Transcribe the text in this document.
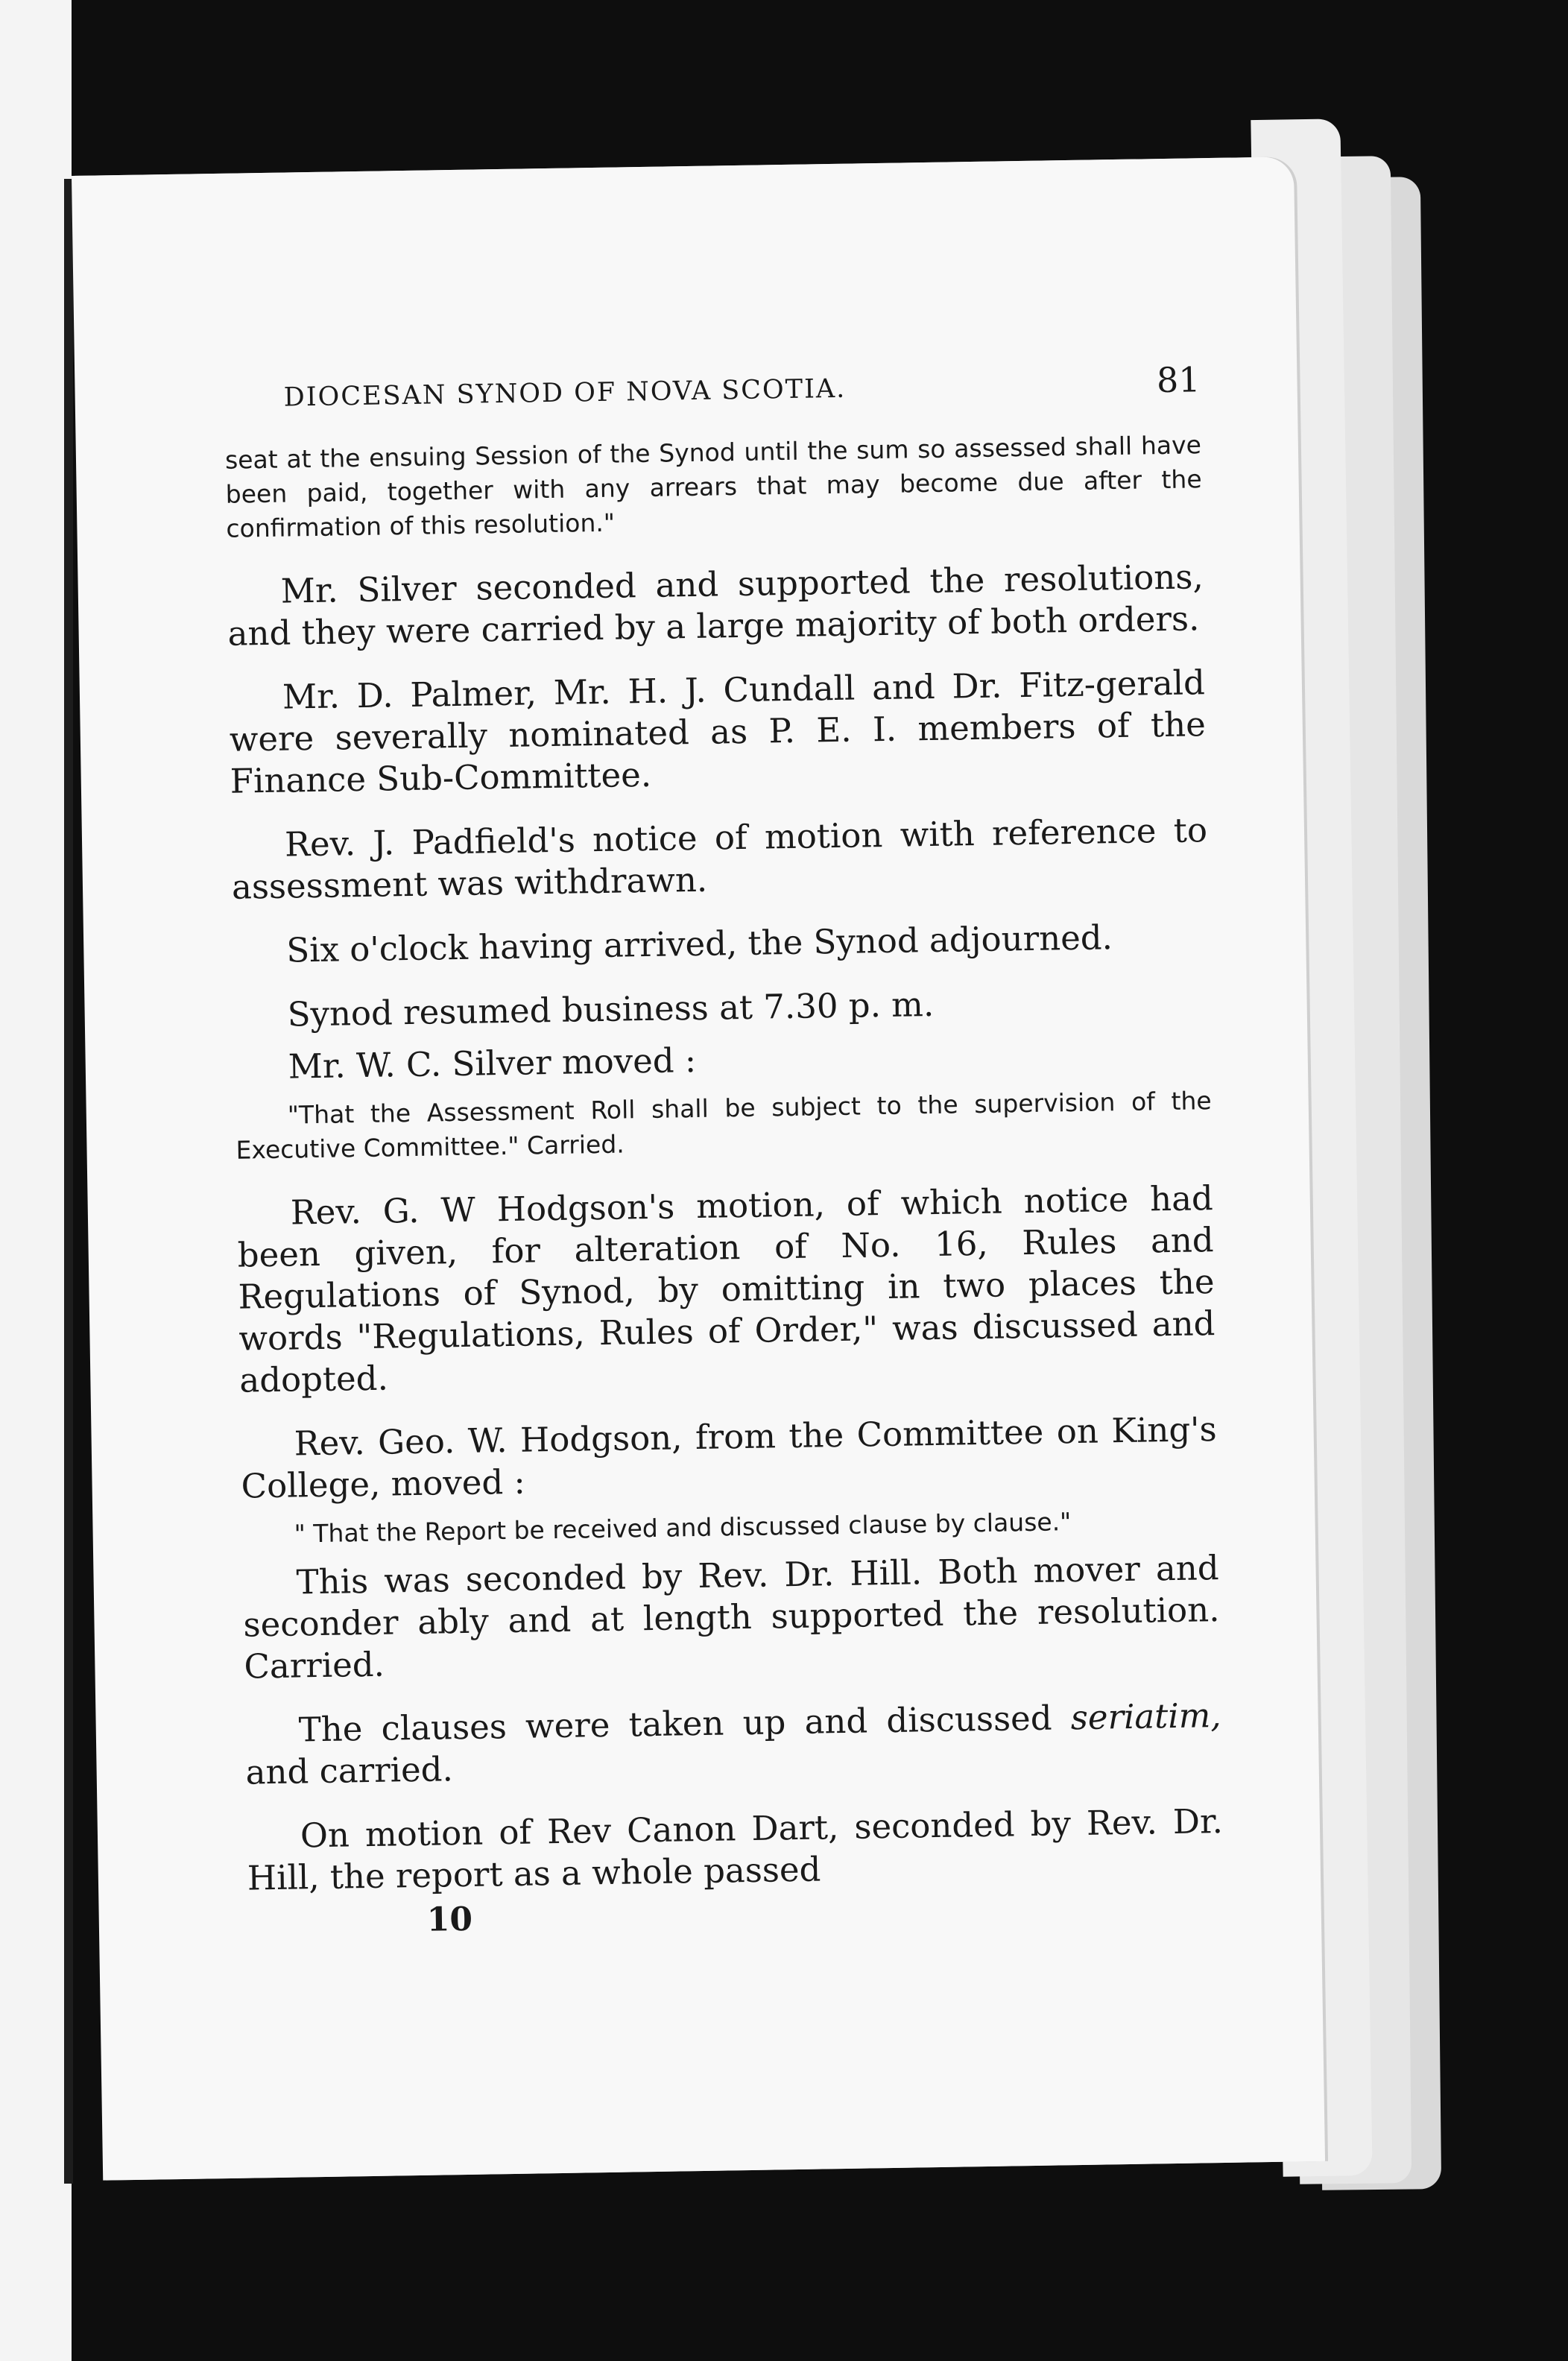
DIOCESAN SYNOD OF NOVA SCOTIA.	81

seat at the ensuing Session of the Synod until the sum so assessed shall have been paid, together with any arrears that may become due after the confirmation of this resolution."

Mr. Silver seconded and supported the resolutions, and they were carried by a large majority of both orders.

Mr. D. Palmer, Mr. H. J. Cundall and Dr. Fitz-gerald were severally nominated as P. E. I. members of the Finance Sub-Committee.

Rev. J. Padfield's notice of motion with reference to assessment was withdrawn.

Six o'clock having arrived, the Synod adjourned.

Synod resumed business at 7.30 p. m.

Mr. W. C. Silver moved :

"That the Assessment Roll shall be subject to the supervision of the Executive Committee." Carried.

Rev. G. W Hodgson's motion, of which notice had been given, for alteration of No. 16, Rules and Regulations of Synod, by omitting in two places the words "Regulations, Rules of Order," was discussed and adopted.

Rev. Geo. W. Hodgson, from the Committee on King's College, moved :

" That the Report be received and discussed clause by clause."

This was seconded by Rev. Dr. Hill. Both mover and seconder ably and at length supported the resolution. Carried.

The clauses were taken up and discussed seriatim, and carried.

On motion of Rev Canon Dart, seconded by Rev. Dr. Hill, the report as a whole passed

10
